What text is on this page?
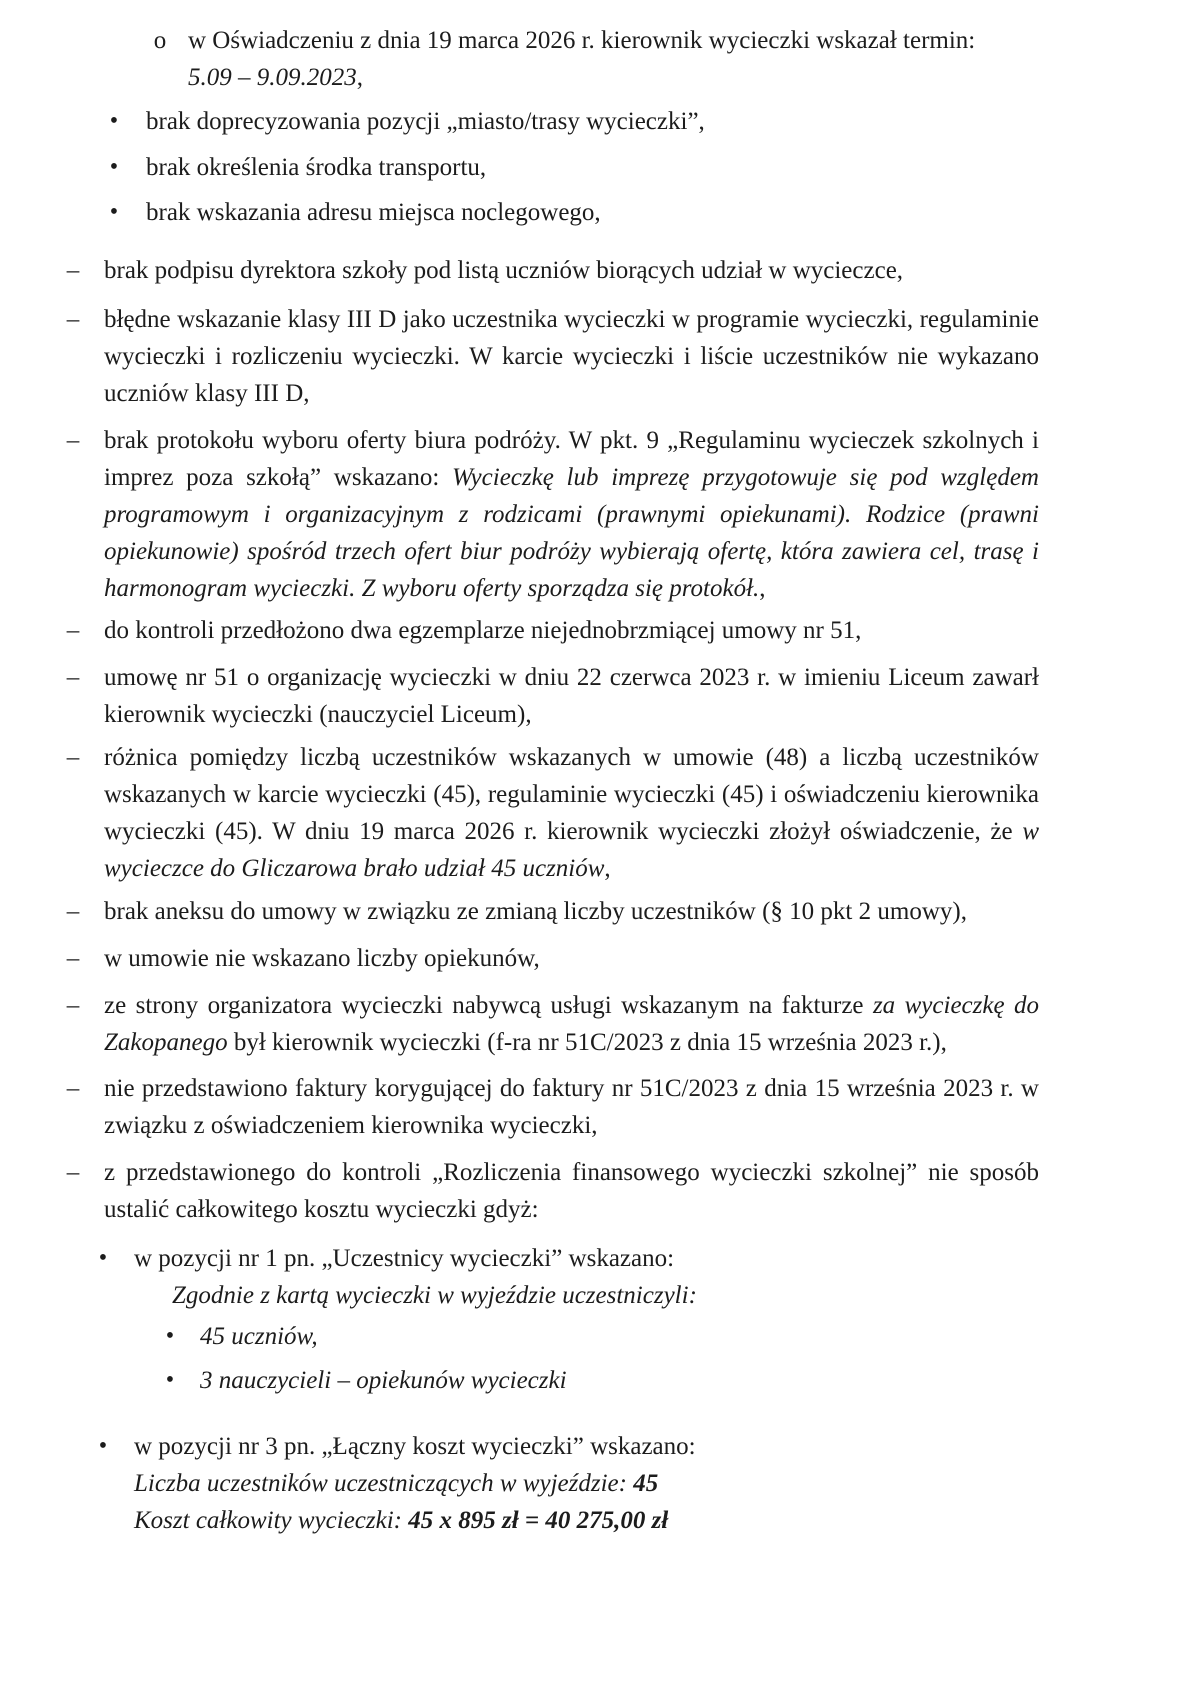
o w Oświadczeniu z dnia 19 marca 2026 r. kierownik wycieczki wskazał termin:

5.09 – 9.09.2023,

• brak doprecyzowania pozycji „miasto/trasy wycieczki”,

• brak określenia środka transportu,

• brak wskazania adresu miejsca noclegowego,

– brak podpisu dyrektora szkoły pod listą uczniów biorących udział w wycieczce,

– błędne wskazanie klasy III D jako uczestnika wycieczki w programie wycieczki, regulaminie wycieczki i rozliczeniu wycieczki. W karcie wycieczki i liście uczestników nie wykazano uczniów klasy III D,

– brak protokołu wyboru oferty biura podróży. W pkt. 9 „Regulaminu wycieczek szkolnych i imprez poza szkołą” wskazano: Wycieczkę lub imprezę przygotowuje się pod względem programowym i organizacyjnym z rodzicami (prawnymi opiekunami). Rodzice (prawni opiekunowie) spośród trzech ofert biur podróży wybierają ofertę, która zawiera cel, trasę i harmonogram wycieczki. Z wyboru oferty sporządza się protokół.,

– do kontroli przedłożono dwa egzemplarze niejednobrzmiącej umowy nr 51,

– umowę nr 51 o organizację wycieczki w dniu 22 czerwca 2023 r. w imieniu Liceum zawarł kierownik wycieczki (nauczyciel Liceum),

– różnica pomiędzy liczbą uczestników wskazanych w umowie (48) a liczbą uczestników wskazanych w karcie wycieczki (45), regulaminie wycieczki (45) i oświadczeniu kierownika wycieczki (45). W dniu 19 marca 2026 r. kierownik wycieczki złożył oświadczenie, że w wycieczce do Gliczarowa brało udział 45 uczniów,

– brak aneksu do umowy w związku ze zmianą liczby uczestników (§ 10 pkt 2 umowy),

– w umowie nie wskazano liczby opiekunów,

– ze strony organizatora wycieczki nabywcą usługi wskazanym na fakturze za wycieczkę do Zakopanego był kierownik wycieczki (f-ra nr 51C/2023 z dnia 15 września 2023 r.),

– nie przedstawiono faktury korygującej do faktury nr 51C/2023 z dnia 15 września 2023 r. w związku z oświadczeniem kierownika wycieczki,

– z przedstawionego do kontroli „Rozliczenia finansowego wycieczki szkolnej” nie sposób ustalić całkowitego kosztu wycieczki gdyż:

• w pozycji nr 1 pn. „Uczestnicy wycieczki” wskazano:

Zgodnie z kartą wycieczki w wyjeździe uczestniczyli:

• 45 uczniów,

• 3 nauczycieli – opiekunów wycieczki

• w pozycji nr 3 pn. „Łączny koszt wycieczki” wskazano:

Liczba uczestników uczestniczących w wyjeździe: 45

Koszt całkowity wycieczki: 45 x 895 zł = 40 275,00 zł
